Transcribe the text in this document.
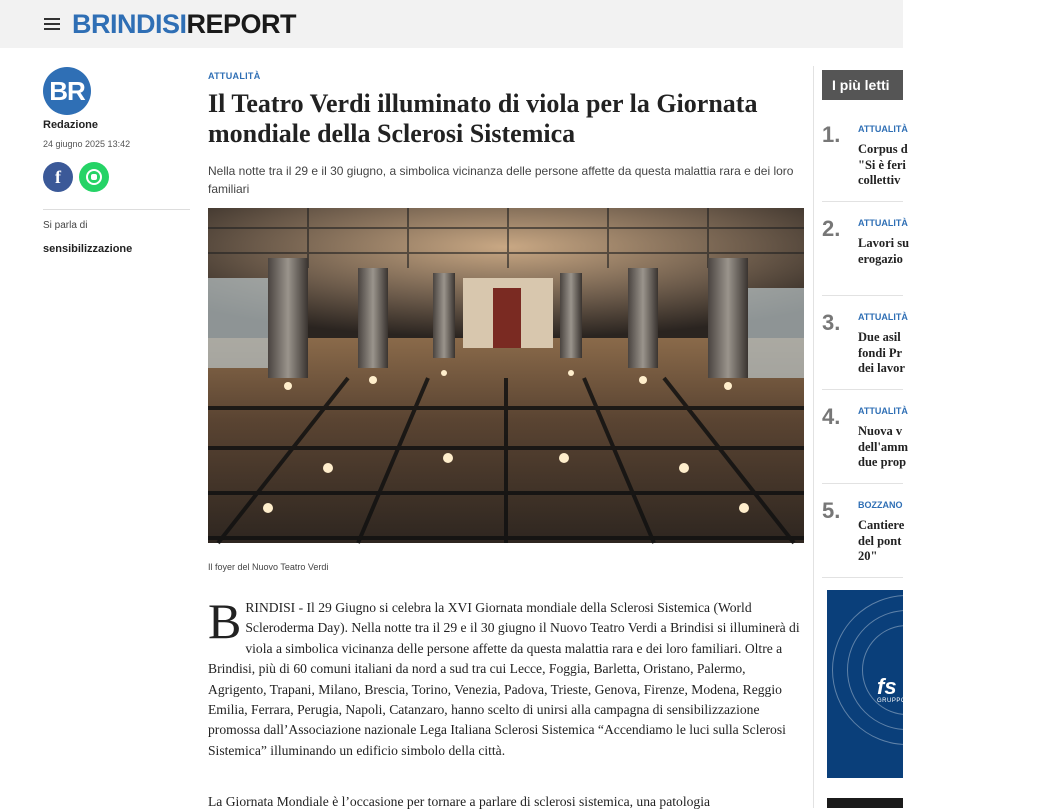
BRINDISIREPORT
BR
Redazione
24 giugno 2025 13:42
f
Si parla di
sensibilizzazione
ATTUALITÀ
Il Teatro Verdi illuminato di viola per la Giornata mondiale della Sclerosi Sistemica

Nella notte tra il 29 e il 30 giugno, a simbolica vicinanza delle persone affette da questa malattia rara e dei loro familiari

Il foyer del Nuovo Teatro Verdi
BRINDISI - Il 29 Giugno si celebra la XVI Giornata mondiale della Sclerosi Sistemica (World Scleroderma Day). Nella notte tra il 29 e il 30 giugno il Nuovo Teatro Verdi a Brindisi si illuminerà di viola a simbolica vicinanza delle persone affette da questa malattia rara e dei loro familiari. Oltre a Brindisi, più di 60 comuni italiani da nord a sud tra cui Lecce, Foggia, Barletta, Oristano, Palermo, Agrigento, Trapani, Milano, Brescia, Torino, Venezia, Padova, Trieste, Genova, Firenze, Modena, Reggio Emilia, Ferrara, Perugia, Napoli, Catanzaro, hanno scelto di unirsi alla campagna di sensibilizzazione promossa dall’Associazione nazionale Lega Italiana Sclerosi Sistemica “Accendiamo le luci sulla Sclerosi Sistemica” illuminando un edificio simbolo della città.
La Giornata Mondiale è l’occasione per tornare a parlare di sclerosi sistemica, una patologia
I più letti
1. ATTUALITÀ
Corpus d
"Si è feri
collettiv
2. ATTUALITÀ
Lavori su
erogazio
3. ATTUALITÀ
Due asil
fondi Pr
dei lavor
4. ATTUALITÀ
Nuova v
dell'amm
due prop
5. BOZZANO
Cantiere
del pont
20"
fs
GRUPPO
